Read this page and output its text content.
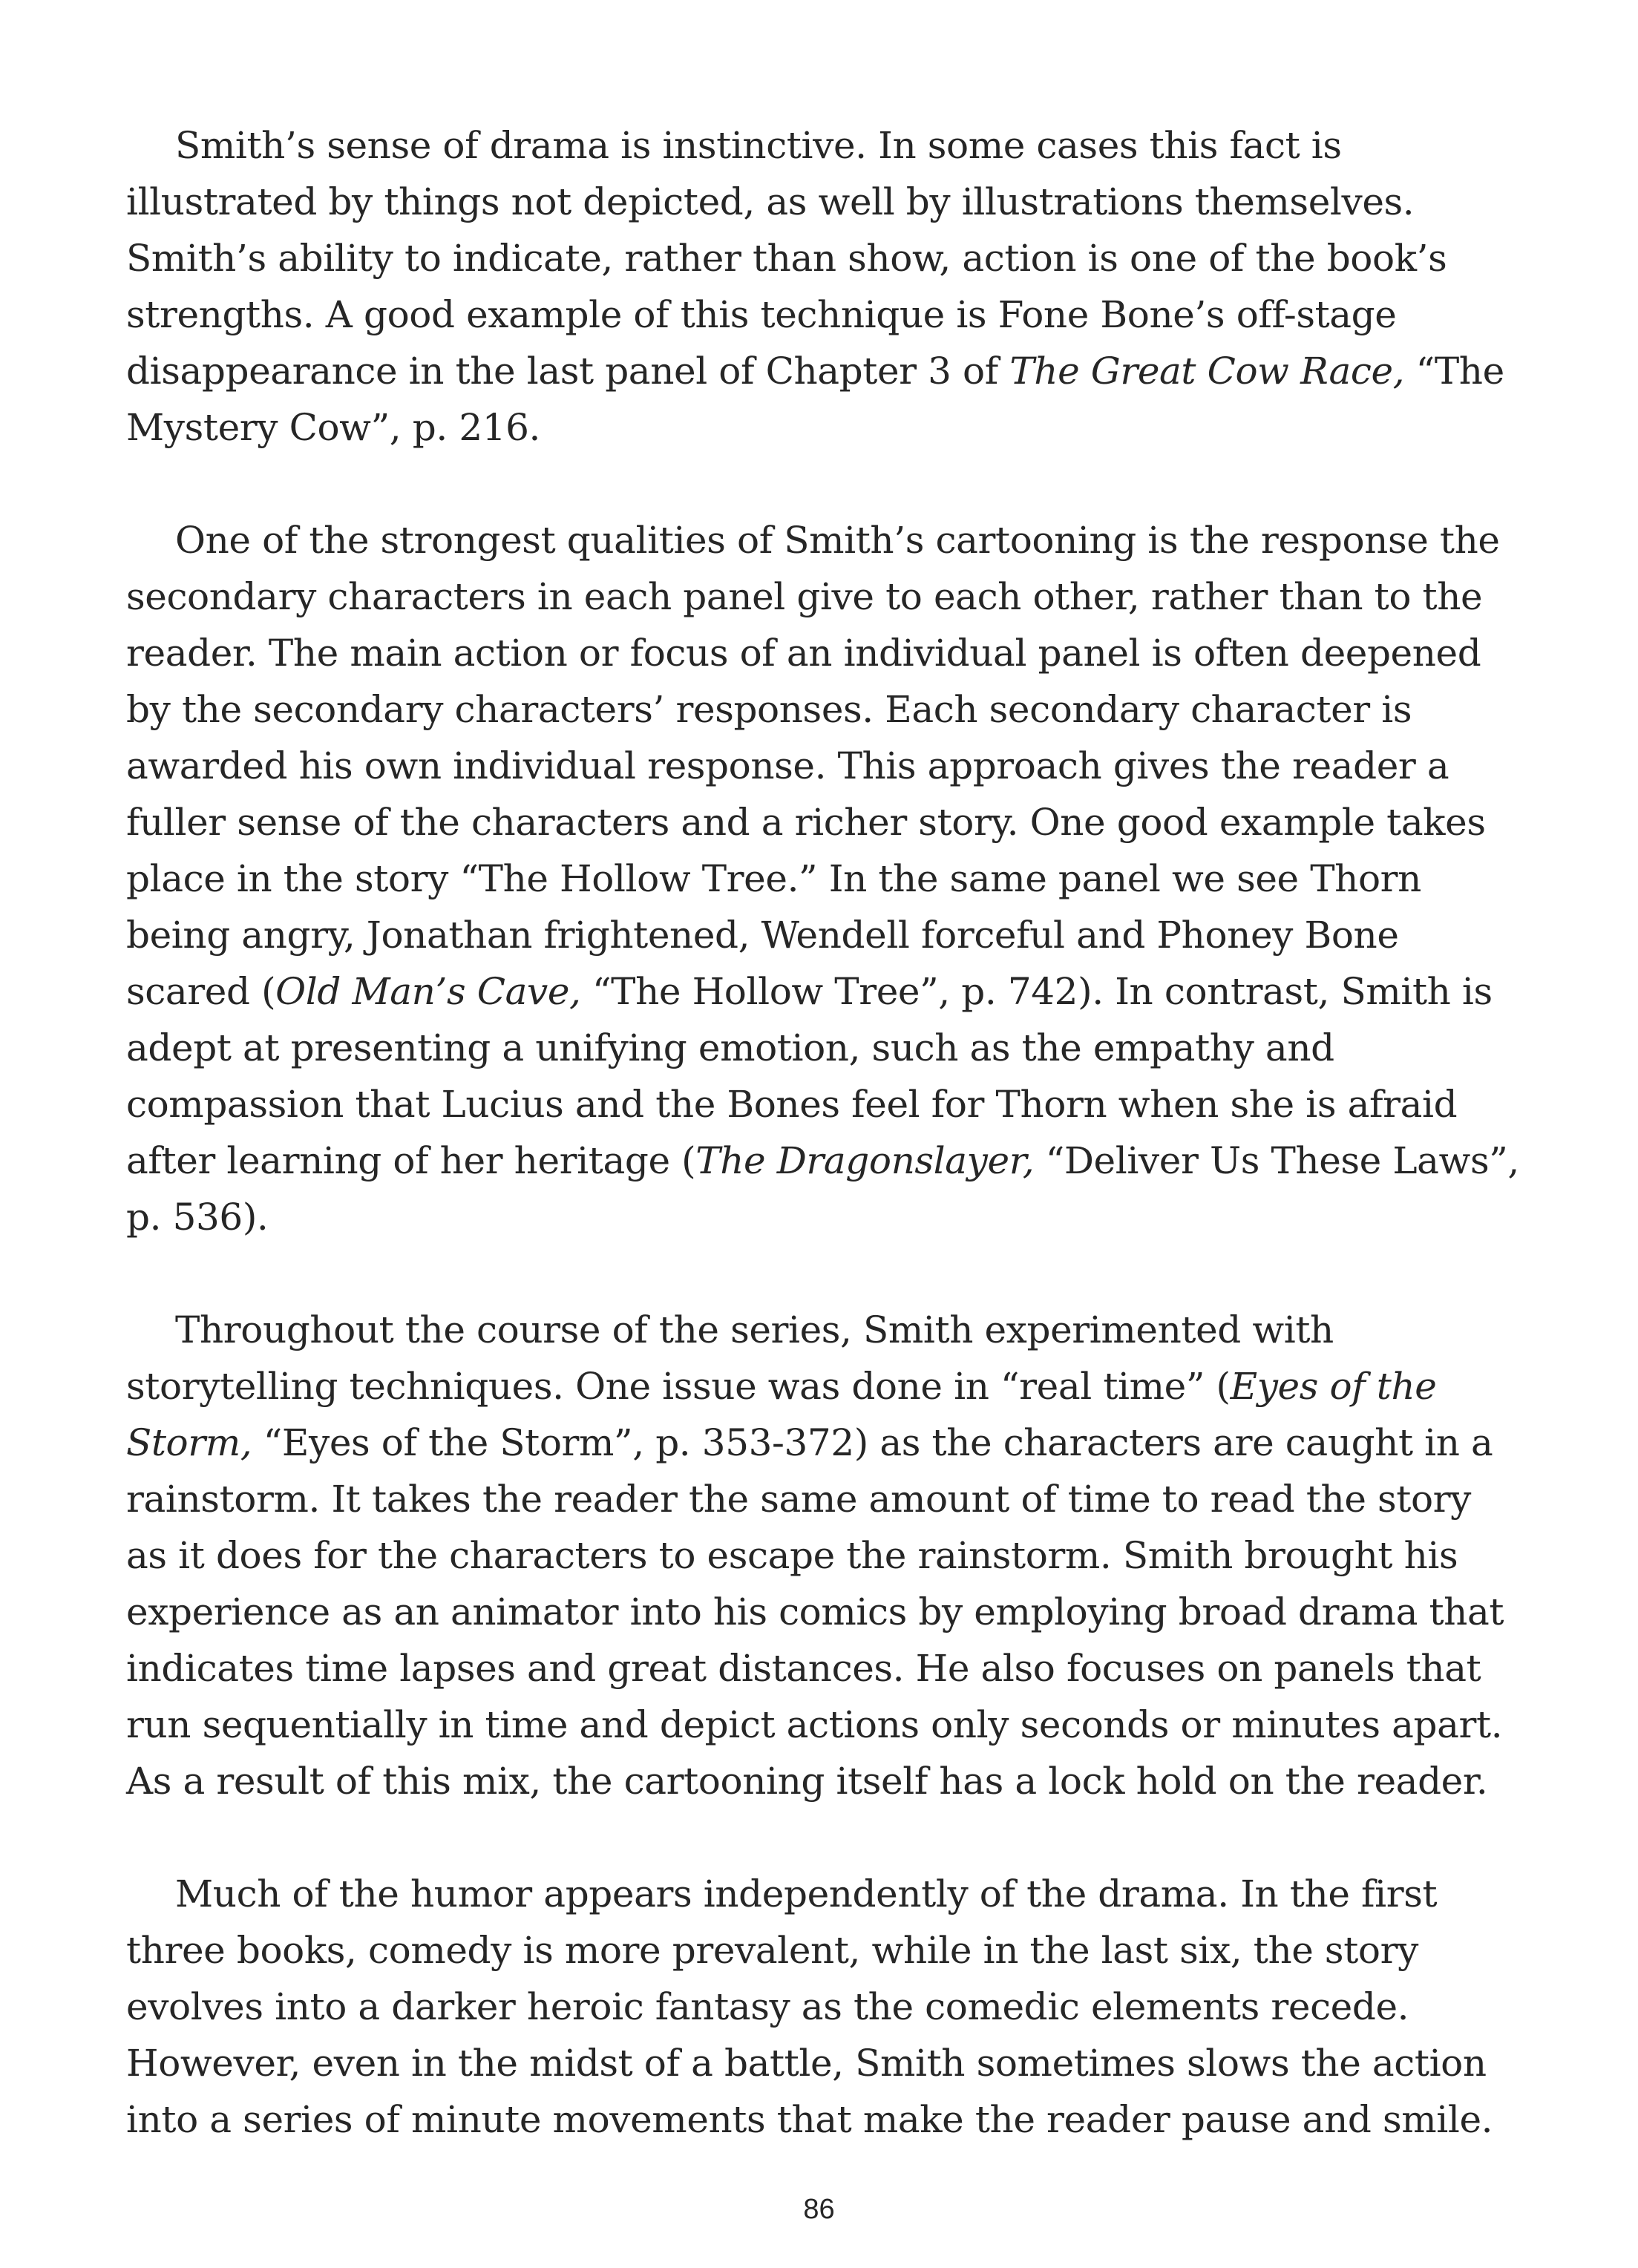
Smith’s sense of drama is instinctive. In some cases this fact is illustrated by things not depicted, as well by illustrations themselves. Smith’s ability to indicate, rather than show, action is one of the book’s strengths. A good example of this technique is Fone Bone’s off-stage disappearance in the last panel of Chapter 3 of The Great Cow Race, “The Mystery Cow”, p. 216.

One of the strongest qualities of Smith’s cartooning is the response the secondary characters in each panel give to each other, rather than to the reader. The main action or focus of an individual panel is often deepened by the secondary characters’ responses. Each secondary character is awarded his own individual response. This approach gives the reader a fuller sense of the characters and a richer story. One good example takes place in the story “The Hollow Tree.” In the same panel we see Thorn being angry, Jonathan frightened, Wendell forceful and Phoney Bone scared (Old Man’s Cave, “The Hollow Tree”, p. 742). In contrast, Smith is adept at presenting a unifying emotion, such as the empathy and compassion that Lucius and the Bones feel for Thorn when she is afraid after learning of her heritage (The Dragonslayer, “Deliver Us These Laws”, p. 536).

Throughout the course of the series, Smith experimented with storytelling techniques. One issue was done in “real time” (Eyes of the Storm, “Eyes of the Storm”, p. 353-372) as the characters are caught in a rainstorm. It takes the reader the same amount of time to read the story as it does for the characters to escape the rainstorm. Smith brought his experience as an animator into his comics by employing broad drama that indicates time lapses and great distances. He also focuses on panels that run sequentially in time and depict actions only seconds or minutes apart. As a result of this mix, the cartooning itself has a lock hold on the reader.

Much of the humor appears independently of the drama. In the first three books, comedy is more prevalent, while in the last six, the story evolves into a darker heroic fantasy as the comedic elements recede. However, even in the midst of a battle, Smith sometimes slows the action into a series of minute movements that make the reader pause and smile.

86
